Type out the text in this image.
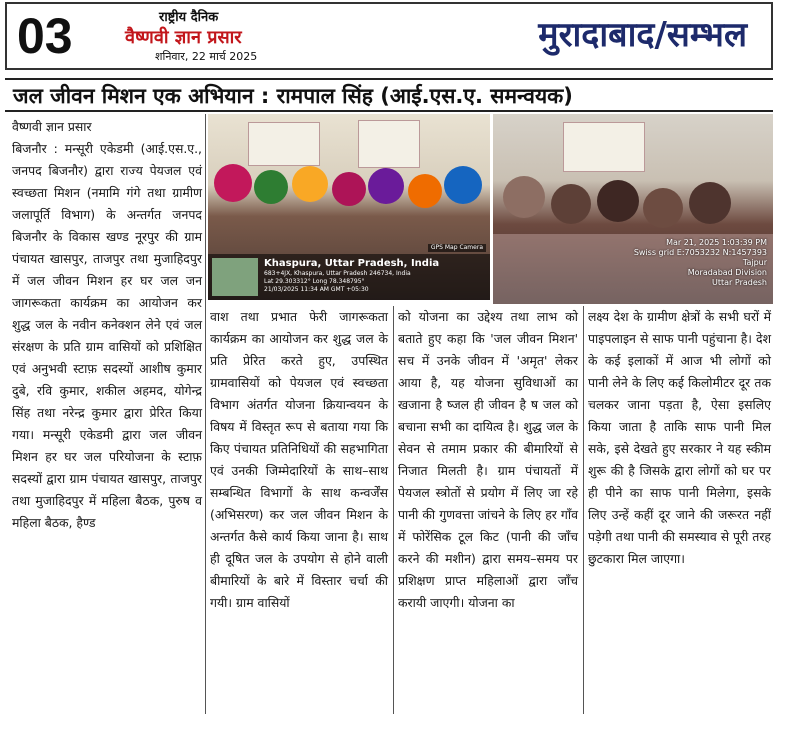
03	राष्ट्रीय दैनिक
वैष्णवी ज्ञान प्रसार
शनिवार, 22 मार्च 2025
मुरादाबाद/सम्भल
जल जीवन मिशन एक अभियान : रामपाल सिंह (आई.एस.ए. समन्वयक)
वैष्णवी ज्ञान प्रसार
बिजनौर : मन्सूरी एकेडमी (आई.एस.ए., जनपद बिजनौर) द्वारा राज्य पेयजल एवं स्वच्छता मिशन (नमामि गंगे तथा ग्रामीण जलापूर्ति विभाग) के अन्तर्गत जनपद बिजनौर के विकास खण्ड नूरपुर की ग्राम पंचायत खासपुर, ताजपुर तथा मुजाहिदपुर में जल जीवन मिशन हर घर जल जन जागरूकता कार्यक्रम का आयोजन कर शुद्ध जल के नवीन कनेक्शन लेने एवं जल संरक्षण के प्रति ग्राम वासियों को प्रशिक्षित एवं अनुभवी स्टाफ़ सदस्यों आशीष कुमार दुबे, रवि कुमार, शकील अहमद, योगेन्द्र सिंह तथा नरेन्द्र कुमार द्वारा प्रेरित किया गया। मन्सूरी एकेडमी द्वारा जल जीवन मिशन हर घर जल परियोजना के स्टाफ़ सदस्यों द्वारा ग्राम पंचायत खासपुर, ताजपुर तथा मुजाहिदपुर में महिला बैठक, पुरुष व महिला बैठक, हैण्ड
Khaspura, Uttar Pradesh, India
683+4JX, Khaspura, Uttar Pradesh 246734, India
Lat 29.303312° Long 78.348795°
21/03/2025 11:34 AM GMT +05:30
GPS Map Camera
Mar 21, 2025 1:03:39 PM
Swiss grid E:7053232 N:1457393
Tajpur
Moradabad Division
Uttar Pradesh
वाश तथा प्रभात फेरी जागरूकता कार्यक्रम का आयोजन कर शुद्ध जल के प्रति प्रेरित करते हुए, उपस्थित ग्रामवासियों को पेयजल एवं स्वच्छता विभाग अंतर्गत योजना क्रियान्वयन के विषय में विस्तृत रूप से बताया गया कि किए पंचायत प्रतिनिधियों की सहभागिता एवं उनकी जिम्मेदारियों के साथ–साथ सम्बन्धित विभागों के साथ कन्वर्जेंस (अभिसरण) कर जल जीवन मिशन के अन्तर्गत कैसे कार्य किया जाना है। साथ ही दूषित जल के उपयोग से होने वाली बीमारियों के बारे में विस्तार चर्चा की गयी। ग्राम वासियों
को योजना का उद्देश्य तथा लाभ को बताते हुए कहा कि 'जल जीवन मिशन' सच में उनके जीवन में 'अमृत' लेकर आया है, यह योजना सुविधाओं का खजाना है ष्जल ही जीवन है ष जल को बचाना सभी का दायित्व है। शुद्ध जल के सेवन से तमाम प्रकार की बीमारियों से निजात मिलती है। ग्राम पंचायतों में पेयजल स्त्रोतों से प्रयोग में लिए जा रहे पानी की गुणवत्ता जांचने के लिए हर गाँव में फोरेंसिक टूल किट (पानी की जाँच करने की मशीन) द्वारा समय–समय पर प्रशिक्षण प्राप्त महिलाओं द्वारा जाँच करायी जाएगी। योजना का
लक्ष्य देश के ग्रामीण क्षेत्रों के सभी घरों में पाइपलाइन से साफ पानी पहुंचाना है। देश के कई इलाकों में आज भी लोगों को पानी लेने के लिए कई किलोमीटर दूर तक चलकर जाना पड़ता है, ऐसा इसलिए किया जाता है ताकि साफ पानी मिल सके, इसे देखते हुए सरकार ने यह स्कीम शुरू की है जिसके द्वारा लोगों को घर पर ही पीने का साफ पानी मिलेगा, इसके लिए उन्हें कहीं दूर जाने की जरूरत नहीं पड़ेगी तथा पानी की समस्याव से पूरी तरह छुटकारा मिल जाएगा।
